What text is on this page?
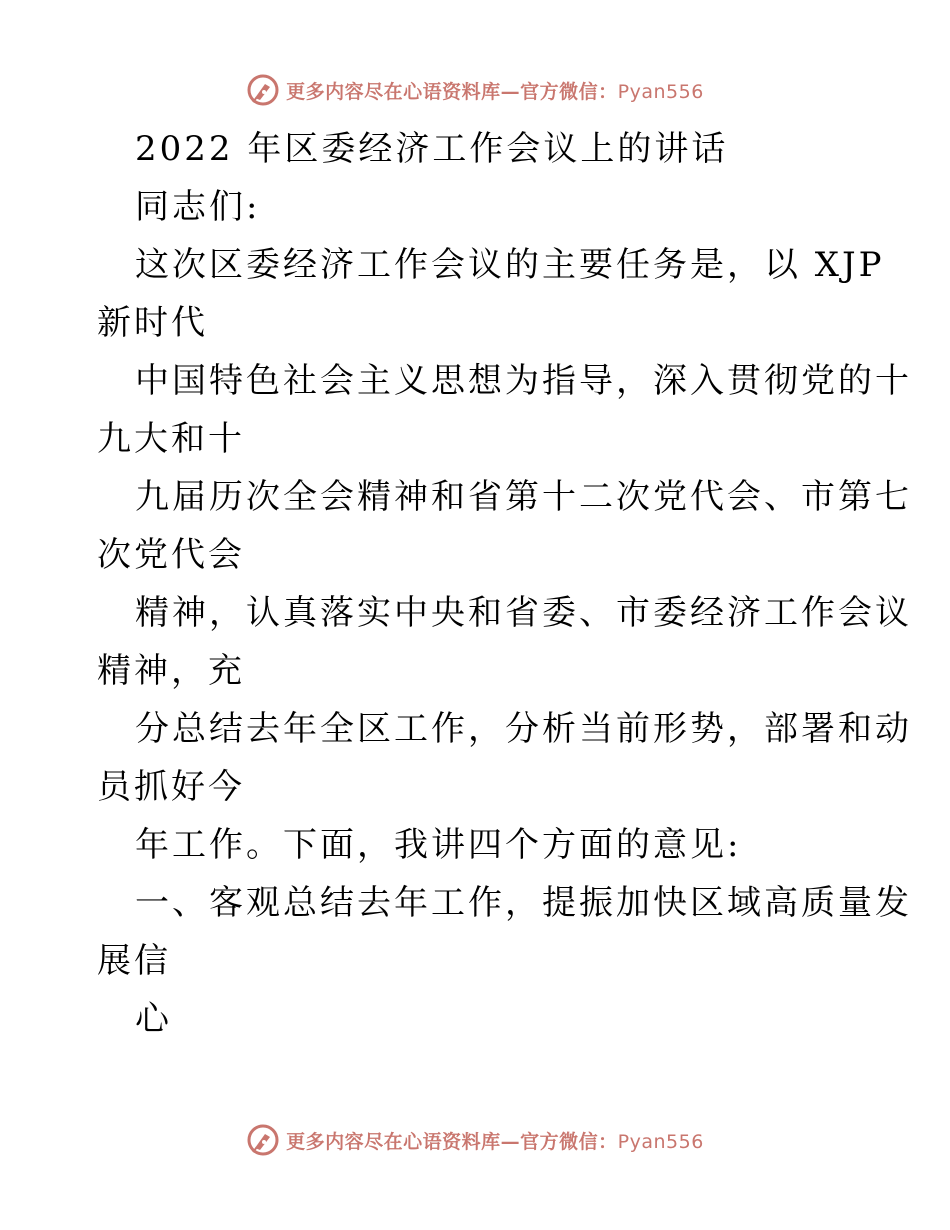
更多内容尽在心语资料库—官方微信：Pyan556
2022 年区委经济工作会议上的讲话
同志们:
这次区委经济工作会议的主要任务是，以 XJP
新时代
中国特色社会主义思想为指导，深入贯彻党的十
九大和十
九届历次全会精神和省第十二次党代会、市第七
次党代会
精神，认真落实中央和省委、市委经济工作会议
精神，充
分总结去年全区工作，分析当前形势，部署和动
员抓好今
年工作。下面，我讲四个方面的意见:
一、客观总结去年工作，提振加快区域高质量发
展信
心
更多内容尽在心语资料库—官方微信：Pyan556
